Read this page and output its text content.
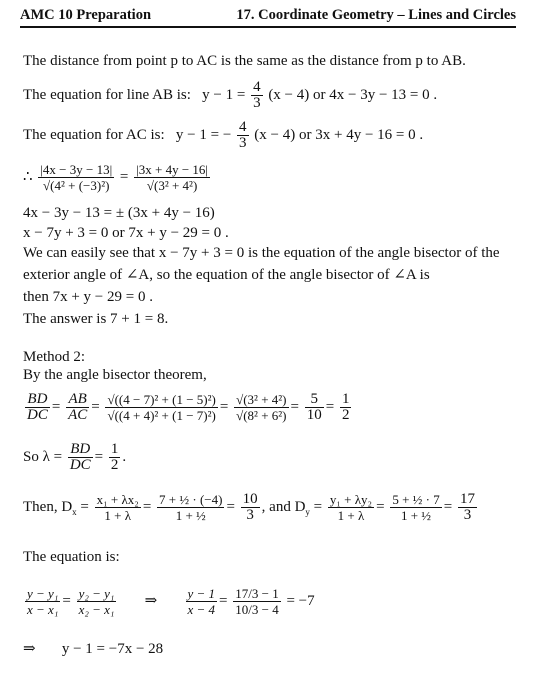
AMC 10 Preparation	17. Coordinate Geometry – Lines and Circles
The distance from point p to AC is the same as the distance from p to AB.
The equation for line AB is: $y - 1 = \frac{4}{3} (x - 4)$ or 4x − 3y − 13 = 0 .
The equation for AC is: y − 1 = − $\frac{4}{3} (x - 4)$ or 3x + 4y − 16 = 0 .
∴ $\frac{|4x - 3y - 13|}{\text{√(4² + (−3)²)}} = \frac{|3x + 4y - 16|}{\text{√(3² + 4²)}}$
4x − 3y − 13 = ± (3x + 4y − 16)
x − 7y + 3 = 0 or 7x + y − 29 = 0 .
We can easily see that x − 7y + 3 = 0 is the equation of the angle bisector of the
exterior angle of ∠A, so the equation of the angle bisector of ∠A is
then 7x + y − 29 = 0 .
The answer is 7 + 1 = 8.
Method 2:
By the angle bisector theorem,
$\frac{BD}{DC} = \frac{AB}{AC} = \frac{\text{√((4 − 7)² + (1 − 5)²)}}{\text{√((4 + 4)² + (1 − 7)²)}} = \frac{\text{√(3² + 4²)}}{\text{√(8² + 6²)}} = \frac{5}{10} = \frac{1}{2}$
So $\lambda = \frac{BD}{DC} = \frac{1}{2}$ .
Then, $D_x = \frac{\text{x₁ + λx₂}}{1 + \lambda} = \frac{\text{7 + ½ · (−4)}}{\text{1 + ½}} = \frac{10}{3}$ , and $D_y = \frac{\text{y₁ + λy₂}}{1 + \lambda} = \frac{\text{5 + ½ · 7}}{\text{1 + ½}} = \frac{17}{3}$
The equation is:
$\frac{\text{y − y₁}}{\text{x − x₁}} = \frac{\text{y₂ − y₁}}{\text{x₂ − x₁}}$ ⇒ $\frac{y - 1}{x - 4} = \frac{17/3 - 1}{10/3 - 4} = -7$
⇒ y − 1 = −7x − 28
